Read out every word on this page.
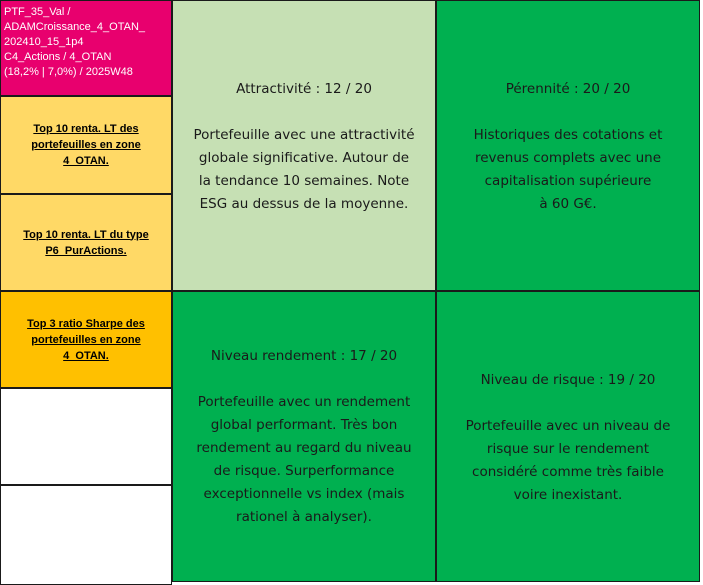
PTF_35_Val /
ADAMCroissance_4_OTAN_
202410_15_1p4
C4_Actions / 4_OTAN
(18,2% | 7,0%) / 2025W48
Top 10 renta. LT des portefeuilles en zone 4_OTAN.
Top 10 renta. LT du type P6_PurActions.
Top 3 ratio Sharpe des portefeuilles en zone 4_OTAN.
Attractivité : 12 / 20
Portefeuille avec une attractivité
globale significative. Autour de
la tendance 10 semaines. Note
ESG au dessus de la moyenne.
Pérennité : 20 / 20
Historiques des cotations et
revenus complets avec une
capitalisation supérieure
à 60 G€.
Niveau rendement : 17 / 20
Portefeuille avec un rendement
global performant. Très bon
rendement au regard du niveau
de risque. Surperformance
exceptionnelle vs index (mais
rationel à analyser).
Niveau de risque : 19 / 20
Portefeuille avec un niveau de
risque sur le rendement
considéré comme très faible
voire inexistant.
